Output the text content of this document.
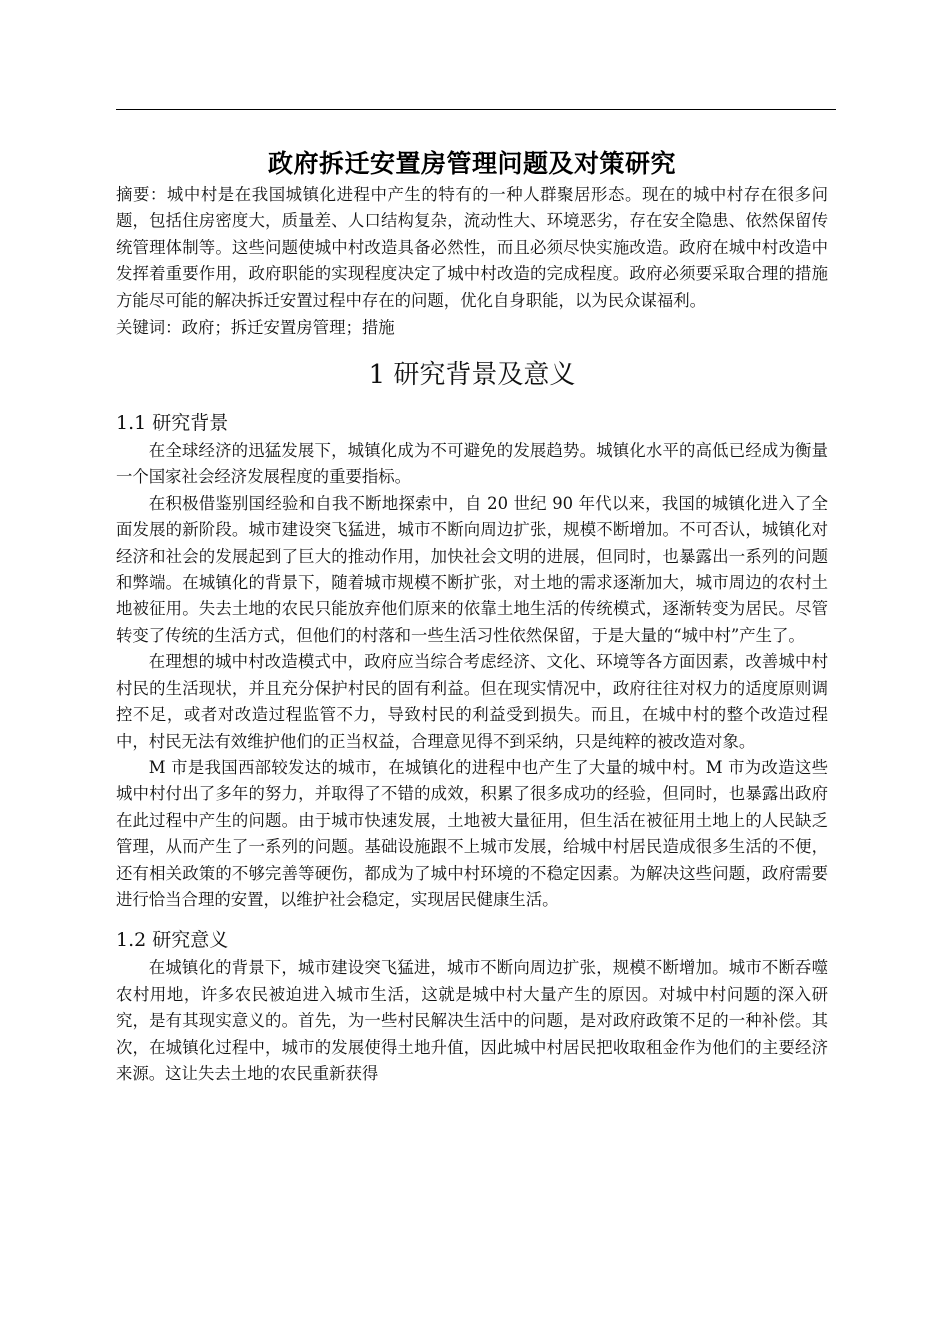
政府拆迁安置房管理问题及对策研究

摘要：城中村是在我国城镇化进程中产生的特有的一种人群聚居形态。现在的城中村存在很多问题，包括住房密度大，质量差、人口结构复杂，流动性大、环境恶劣，存在安全隐患、依然保留传统管理体制等。这些问题使城中村改造具备必然性，而且必须尽快实施改造。政府在城中村改造中发挥着重要作用，政府职能的实现程度决定了城中村改造的完成程度。政府必须要采取合理的措施方能尽可能的解决拆迁安置过程中存在的问题，优化自身职能，以为民众谋福利。

关键词：政府；拆迁安置房管理；措施

1 研究背景及意义
1.1 研究背景

在全球经济的迅猛发展下，城镇化成为不可避免的发展趋势。城镇化水平的高低已经成为衡量一个国家社会经济发展程度的重要指标。

在积极借鉴别国经验和自我不断地探索中，自 20 世纪 90 年代以来，我国的城镇化进入了全面发展的新阶段。城市建设突飞猛进，城市不断向周边扩张，规模不断增加。不可否认，城镇化对经济和社会的发展起到了巨大的推动作用，加快社会文明的进展，但同时，也暴露出一系列的问题和弊端。在城镇化的背景下，随着城市规模不断扩张，对土地的需求逐渐加大，城市周边的农村土地被征用。失去土地的农民只能放弃他们原来的依靠土地生活的传统模式，逐渐转变为居民。尽管转变了传统的生活方式，但他们的村落和一些生活习性依然保留，于是大量的“城中村”产生了。

在理想的城中村改造模式中，政府应当综合考虑经济、文化、环境等各方面因素，改善城中村村民的生活现状，并且充分保护村民的固有利益。但在现实情况中，政府往往对权力的适度原则调控不足，或者对改造过程监管不力，导致村民的利益受到损失。而且，在城中村的整个改造过程中，村民无法有效维护他们的正当权益，合理意见得不到采纳，只是纯粹的被改造对象。

M 市是我国西部较发达的城市，在城镇化的进程中也产生了大量的城中村。M 市为改造这些城中村付出了多年的努力，并取得了不错的成效，积累了很多成功的经验，但同时，也暴露出政府在此过程中产生的问题。由于城市快速发展，土地被大量征用，但生活在被征用土地上的人民缺乏管理，从而产生了一系列的问题。基础设施跟不上城市发展，给城中村居民造成很多生活的不便，还有相关政策的不够完善等硬伤，都成为了城中村环境的不稳定因素。为解决这些问题，政府需要进行恰当合理的安置，以维护社会稳定，实现居民健康生活。

1.2 研究意义

在城镇化的背景下，城市建设突飞猛进，城市不断向周边扩张，规模不断增加。城市不断吞噬农村用地，许多农民被迫进入城市生活，这就是城中村大量产生的原因。对城中村问题的深入研究，是有其现实意义的。首先，为一些村民解决生活中的问题，是对政府政策不足的一种补偿。其次，在城镇化过程中，城市的发展使得土地升值，因此城中村居民把收取租金作为他们的主要经济来源。这让失去土地的农民重新获得
